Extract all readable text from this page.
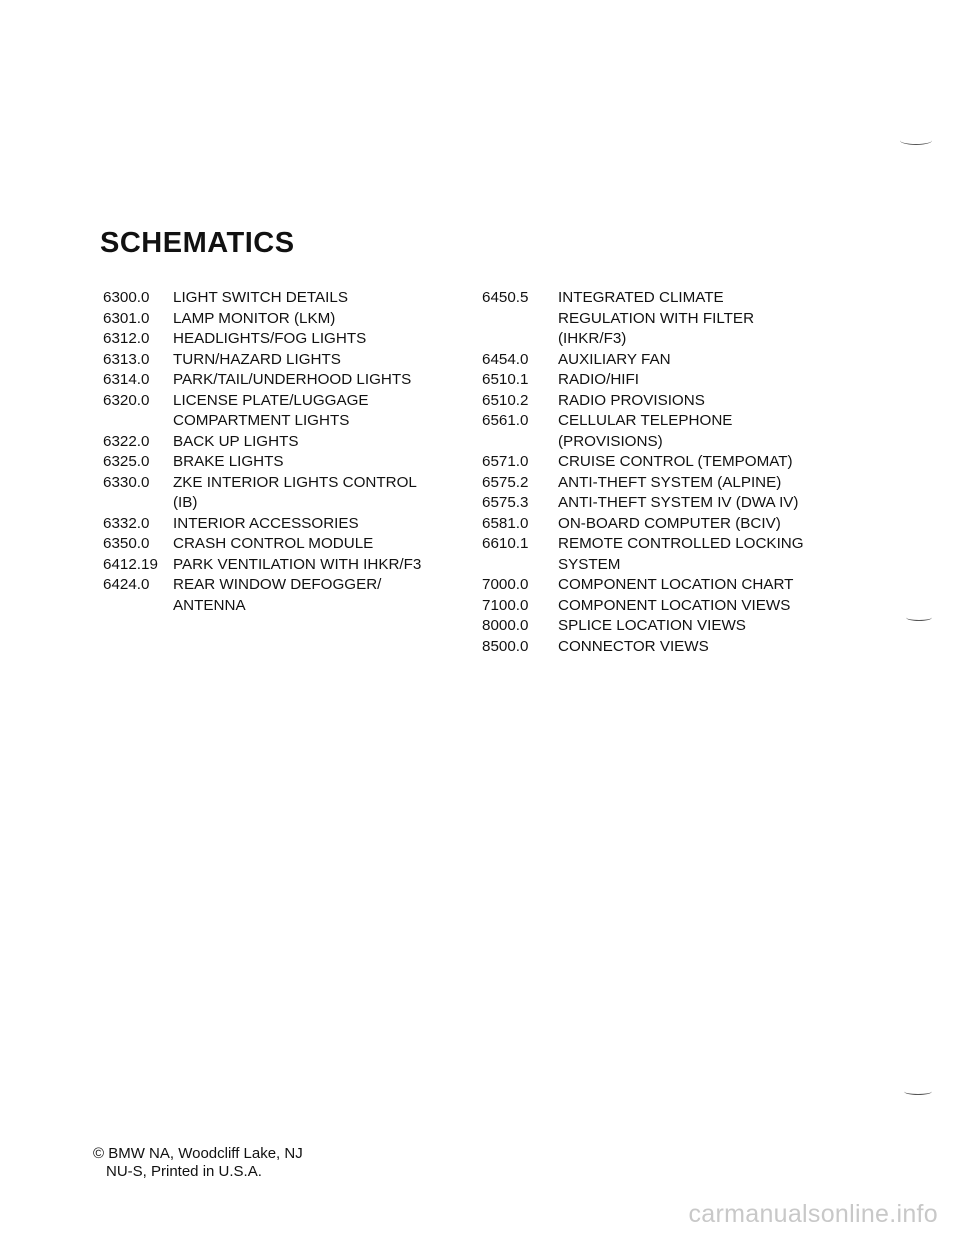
SCHEMATICS
6300.0	LIGHT SWITCH DETAILS
6301.0	LAMP MONITOR (LKM)
6312.0	HEADLIGHTS/FOG LIGHTS
6313.0	TURN/HAZARD LIGHTS
6314.0	PARK/TAIL/UNDERHOOD LIGHTS
6320.0	LICENSE PLATE/LUGGAGE
COMPARTMENT LIGHTS
6322.0	BACK UP LIGHTS
6325.0	BRAKE LIGHTS
6330.0	ZKE INTERIOR LIGHTS CONTROL
(IB)
6332.0	INTERIOR ACCESSORIES
6350.0	CRASH CONTROL MODULE
6412.19 PARK VENTILATION WITH IHKR/F3
6424.0	REAR WINDOW DEFOGGER/
ANTENNA
6450.5	INTEGRATED CLIMATE
REGULATION WITH FILTER
(IHKR/F3)
6454.0	AUXILIARY FAN
6510.1	RADIO/HIFI
6510.2	RADIO PROVISIONS
6561.0	CELLULAR TELEPHONE
(PROVISIONS)
6571.0	CRUISE CONTROL (TEMPOMAT)
6575.2	ANTI-THEFT SYSTEM (ALPINE)
6575.3	ANTI-THEFT SYSTEM IV (DWA IV)
6581.0	ON-BOARD COMPUTER (BCIV)
6610.1	REMOTE CONTROLLED LOCKING
SYSTEM
7000.0	COMPONENT LOCATION CHART
7100.0	COMPONENT LOCATION VIEWS
8000.0	SPLICE LOCATION VIEWS
8500.0	CONNECTOR VIEWS
© BMW NA, Woodcliff Lake, NJ
NU-S, Printed in U.S.A.
carmanualsonline.info
